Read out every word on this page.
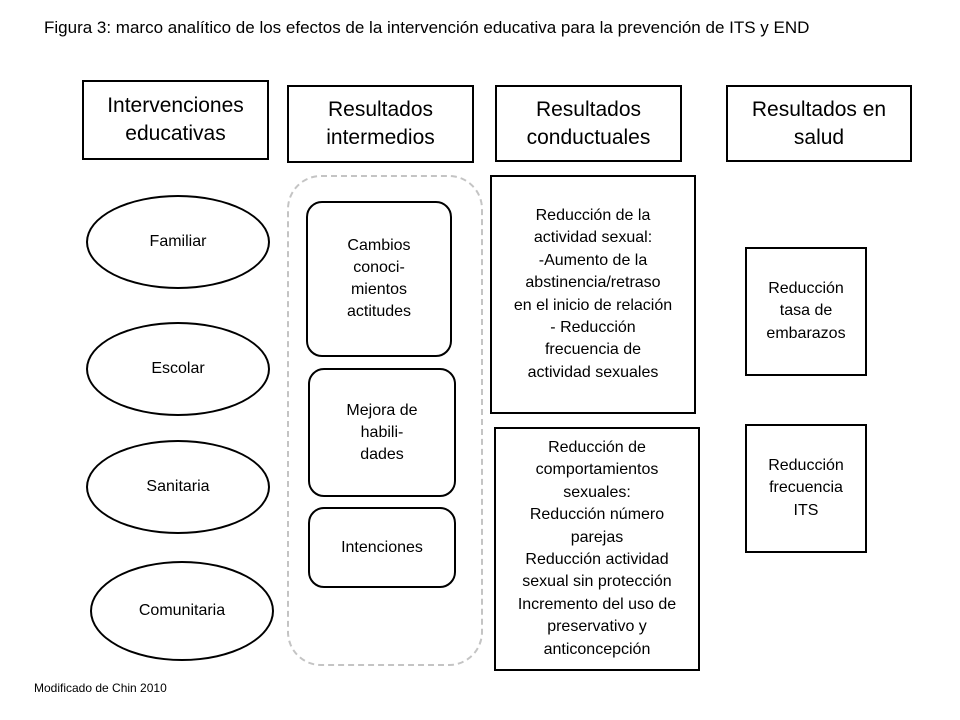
Figura 3: marco analítico de los efectos de la intervención educativa para la prevención de ITS y END
Intervenciones
educativas
Resultados
intermedios
Resultados
conductuales
Resultados en
salud
Familiar
Escolar
Sanitaria
Comunitaria
Cambios
conoci-
mientos
actitudes
Mejora de
habili-
dades
Intenciones
Reducción de la
actividad sexual:
-Aumento de la
abstinencia/retraso
en el inicio de relación
- Reducción
frecuencia de
actividad sexuales
Reducción de
comportamientos
sexuales:
Reducción número
parejas
Reducción actividad
sexual sin protección
Incremento del uso de
preservativo y
anticoncepción
Reducción
tasa de
embarazos
Reducción
frecuencia
ITS
Modificado de Chin 2010
